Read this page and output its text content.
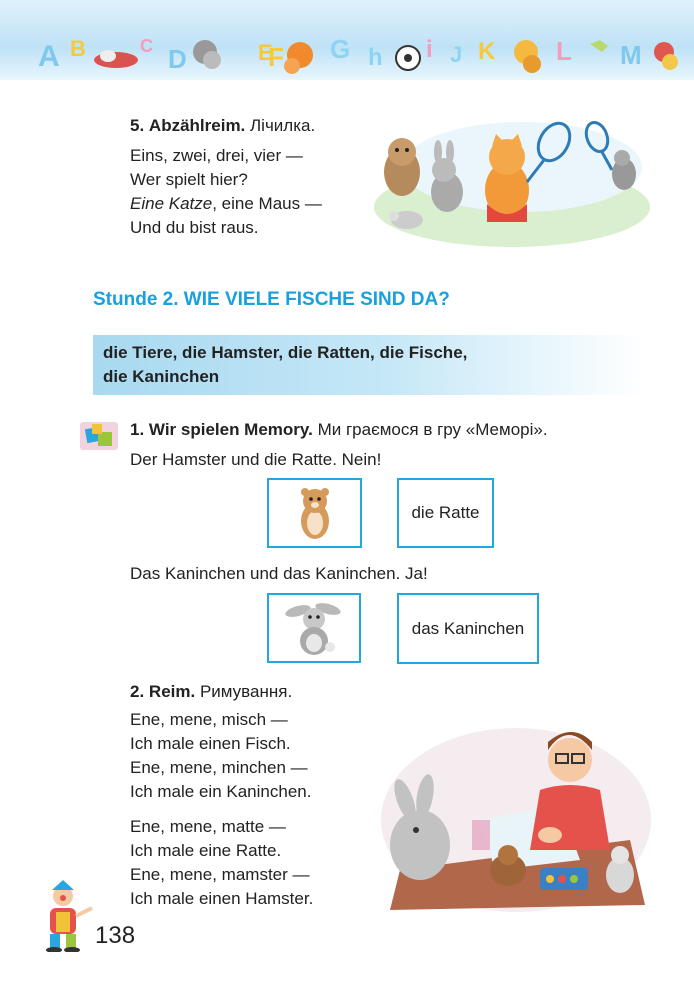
A B	C D	E
F G h i J K L M
5. Abzählreim. Лічилка.
Eins, zwei, drei, vier —
Wer spielt hier?
Eine Katze, eine Maus —
Und du bist raus.
Stunde 2. WIE VIELE FISCHE SIND DA?
die Tiere, die Hamster, die Ratten, die Fische,
die Kaninchen
1. Wir spielen Memory. Ми граємося в гру «Меморі».
Der Hamster und die Ratte. Nein!
die Ratte
Das Kaninchen und das Kaninchen. Ja!
das Kaninchen
2. Reim. Римування.
Ene, mene, misch —
Ich male einen Fisch.
Ene, mene, minchen —
Ich male ein Kaninchen.
Ene, mene, matte —
Ich male eine Ratte.
Ene, mene, mamster —
Ich male einen Hamster.
138
